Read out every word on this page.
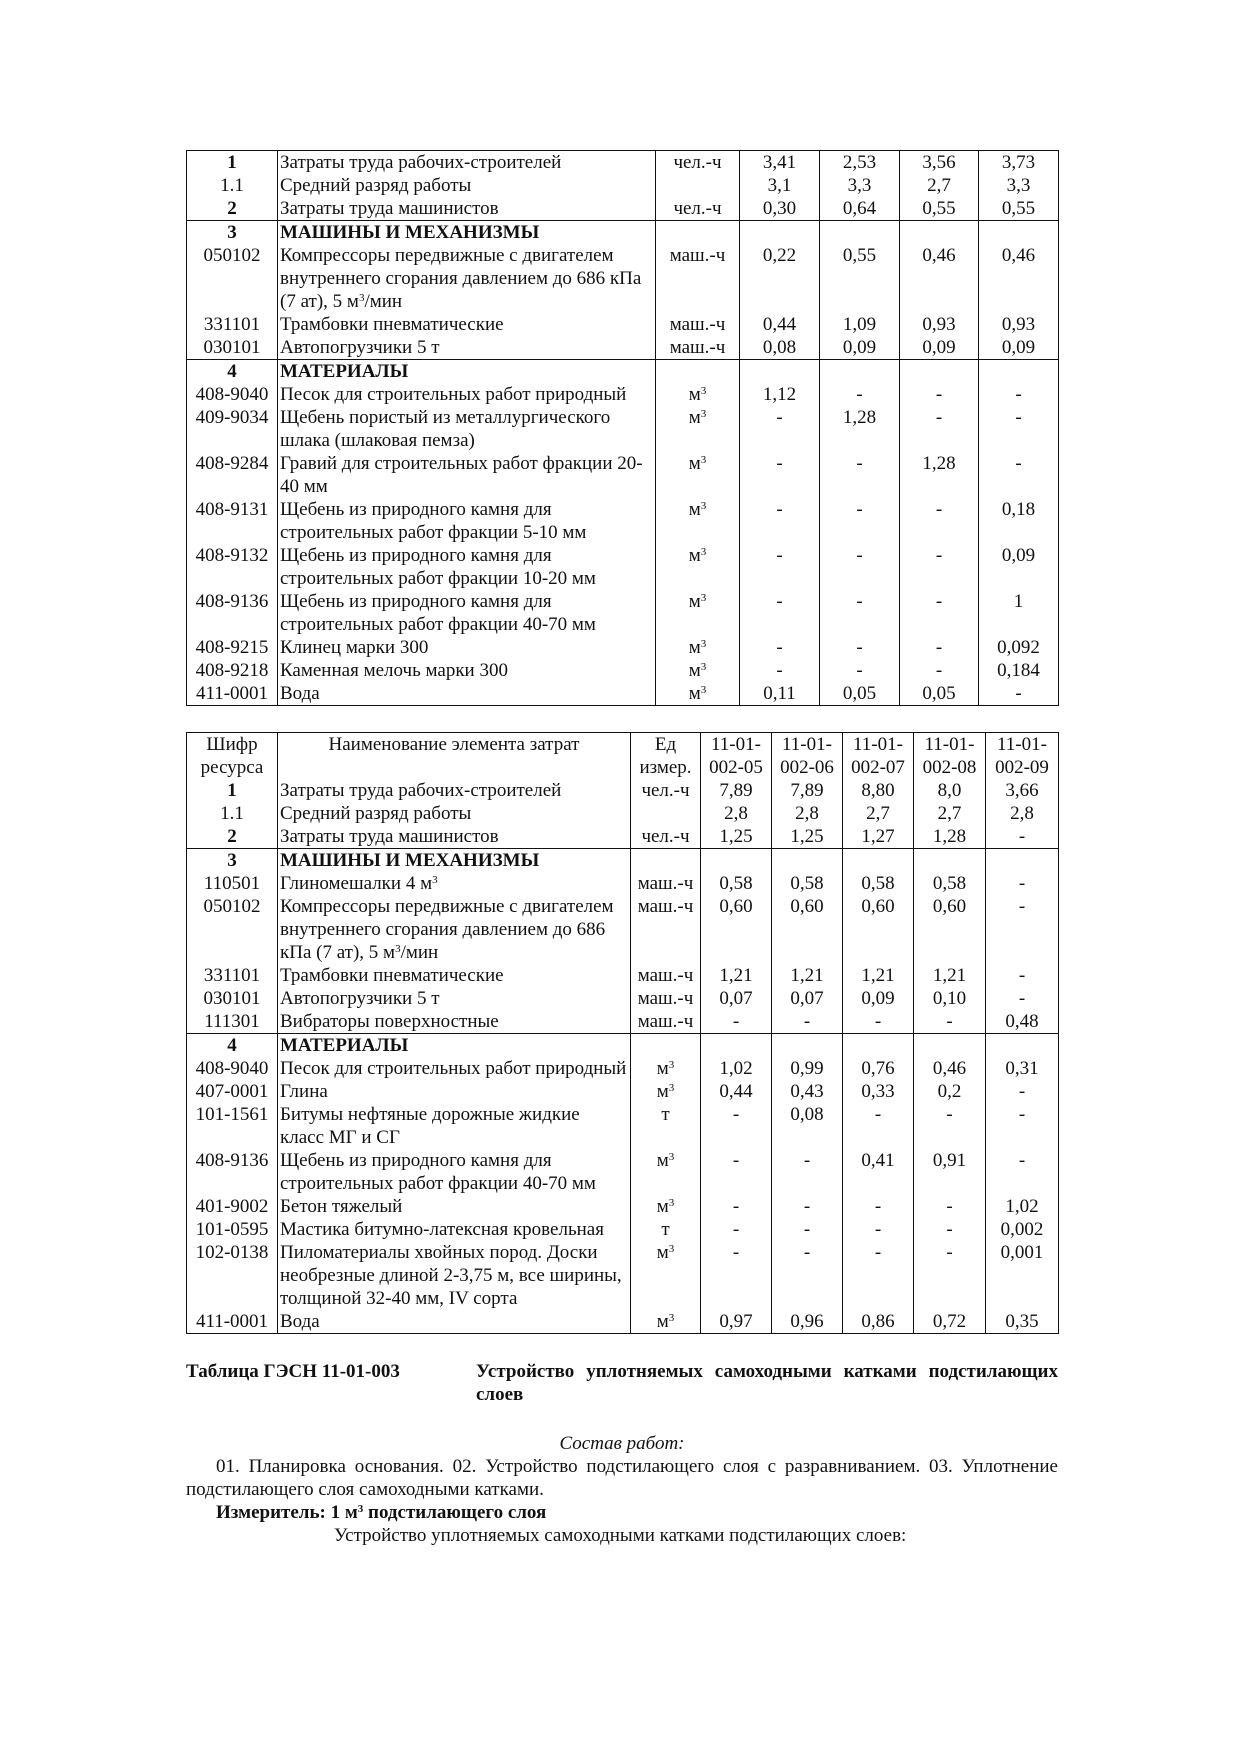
1	Затраты труда рабочих-строителей	чел.-ч	3,41	2,53	3,56	3,73
1.1	Средний разряд работы		3,1	3,3	2,7	3,3
2	Затраты труда машинистов	чел.-ч	0,30	0,64	0,55	0,55
3	МАШИНЫ И МЕХАНИЗМЫ					
050102	Компрессоры передвижные с двигателем внутреннего сгорания давлением до 686 кПа (7 ат), 5 $м^3$/мин	маш.-ч	0,22	0,55	0,46	0,46
331101	Трамбовки пневматические	маш.-ч	0,44	1,09	0,93	0,93
030101	Автопогрузчики 5 т	маш.-ч	0,08	0,09	0,09	0,09
4	МАТЕРИАЛЫ					
408-9040	Песок для строительных работ природный	$м^3$	1,12	-	-	-
409-9034	Щебень пористый из металлургического шлака (шлаковая пемза)	$м^3$	-	1,28	-	-
408-9284	Гравий для строительных работ фракции 20-40 мм	$м^3$	-	-	1,28	-
408-9131	Щебень из природного камня для строительных работ фракции 5-10 мм	$м^3$	-	-	-	0,18
408-9132	Щебень из природного камня для строительных работ фракции 10-20 мм	$м^3$	-	-	-	0,09
408-9136	Щебень из природного камня для строительных работ фракции 40-70 мм	$м^3$	-	-	-	1
408-9215	Клинец марки 300	$м^3$	-	-	-	0,092
408-9218	Каменная мелочь марки 300	$м^3$	-	-	-	0,184
411-0001	Вода	$м^3$	0,11	0,05	0,05	-
Шифр ресурса	Наименование элемента затрат	Ед измер.	11-01-002-05	11-01-002-06	11-01-002-07	11-01-002-08	11-01-002-09
1	Затраты труда рабочих-строителей	чел.-ч	7,89	7,89	8,80	8,0	3,66
1.1	Средний разряд работы		2,8	2,8	2,7	2,7	2,8
2	Затраты труда машинистов	чел.-ч	1,25	1,25	1,27	1,28	-
3	МАШИНЫ И МЕХАНИЗМЫ						
110501	Глиномешалки 4 $м^3$	маш.-ч	0,58	0,58	0,58	0,58	-
050102	Компрессоры передвижные с двигателем внутреннего сгорания давлением до 686 кПа (7 ат), 5 $м^3$/мин	маш.-ч	0,60	0,60	0,60	0,60	-
331101	Трамбовки пневматические	маш.-ч	1,21	1,21	1,21	1,21	-
030101	Автопогрузчики 5 т	маш.-ч	0,07	0,07	0,09	0,10	-
111301	Вибраторы поверхностные	маш.-ч	-	-	-	-	0,48
4	МАТЕРИАЛЫ						
408-9040	Песок для строительных работ природный	$м^3$	1,02	0,99	0,76	0,46	0,31
407-0001	Глина	$м^3$	0,44	0,43	0,33	0,2	-
101-1561	Битумы нефтяные дорожные жидкие класс МГ и СГ	т	-	0,08	-	-	-
408-9136	Щебень из природного камня для строительных работ фракции 40-70 мм	$м^3$	-	-	0,41	0,91	-
401-9002	Бетон тяжелый	$м^3$	-	-	-	-	1,02
101-0595	Мастика битумно-латексная кровельная	т	-	-	-	-	0,002
102-0138	Пиломатериалы хвойных пород. Доски необрезные длиной 2-3,75 м, все ширины, толщиной 32-40 мм, IV сорта	$м^3$	-	-	-	-	0,001
411-0001	Вода	$м^3$	0,97	0,96	0,86	0,72	0,35
Таблица ГЭСН 11-01-003	Устройство уплотняемых самоходными катками подстилающих слоев
Состав работ:

01. Планировка основания. 02. Устройство подстилающего слоя с разравниванием. 03. Уплотнение подстилающего слоя самоходными катками.

Измеритель: 1 $м^3$ подстилающего слоя
Устройство уплотняемых самоходными катками подстилающих слоев:
